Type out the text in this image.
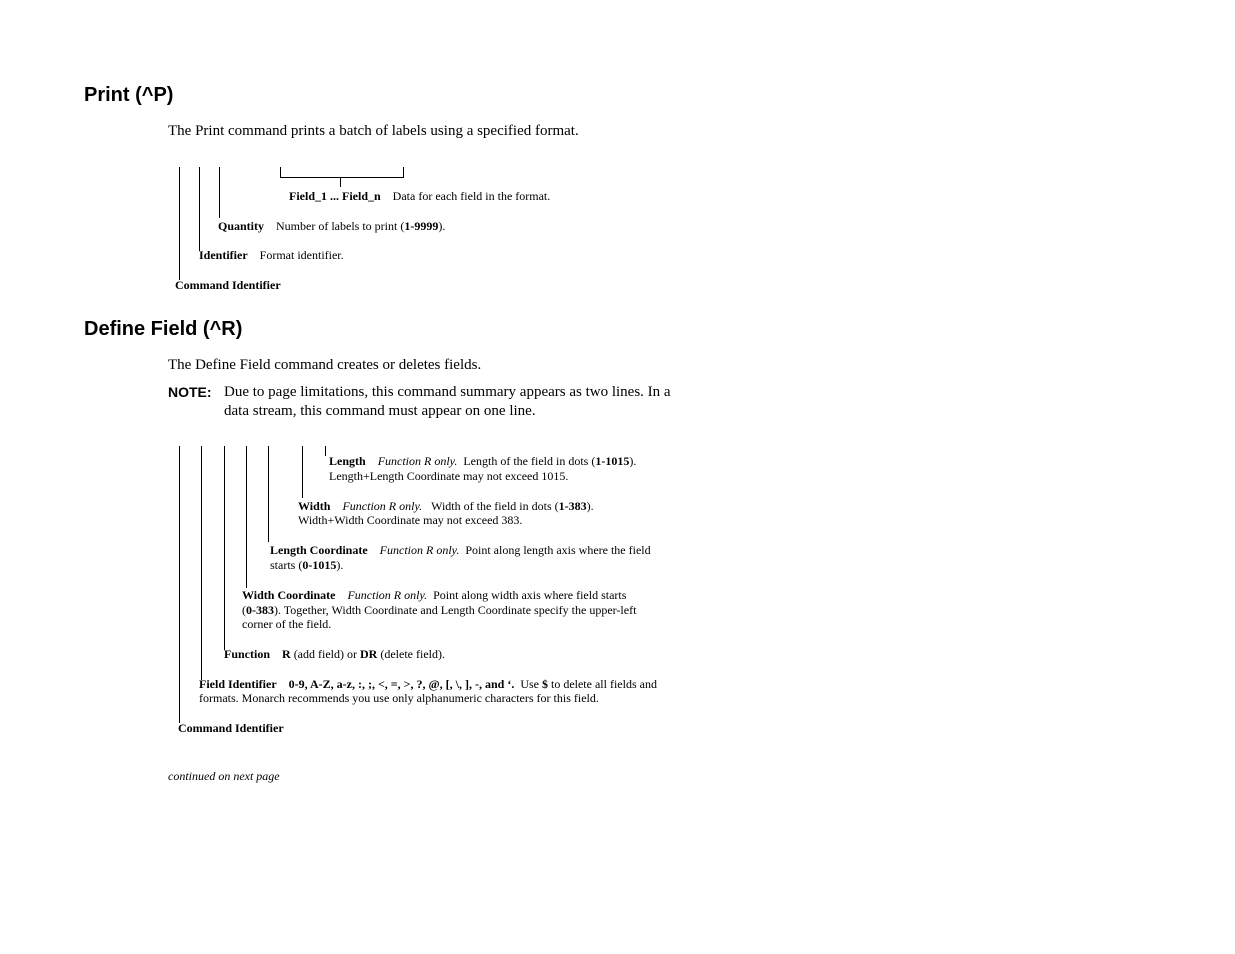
Print (^P)
The Print command prints a batch of labels using a specified format.
Field_1 ... Field_n Data for each field in the format.
Quantity Number of labels to print (1-9999).
Identifier Format identifier.
Command Identifier
Define Field (^R)
The Define Field command creates or deletes fields.
NOTE: Due to page limitations, this command summary appears as two lines. In a
data stream, this command must appear on one line.
Length Function R only. Length of the field in dots (1-1015).
Length+Length Coordinate may not exceed 1015.
Width Function R only. Width of the field in dots (1-383).
Width+Width Coordinate may not exceed 383.
Length Coordinate Function R only. Point along length axis where the field
starts (0-1015).
Width Coordinate Function R only. Point along width axis where field starts
(0-383). Together, Width Coordinate and Length Coordinate specify the upper-left
corner of the field.
Function R (add field) or DR (delete field).
Field Identifier 0-9, A-Z, a-z, :, ;, <, =, >, ?, @, [, \, ], -, and ‘. Use $ to delete all fields and
formats. Monarch recommends you use only alphanumeric characters for this field.
Command Identifier
continued on next page
